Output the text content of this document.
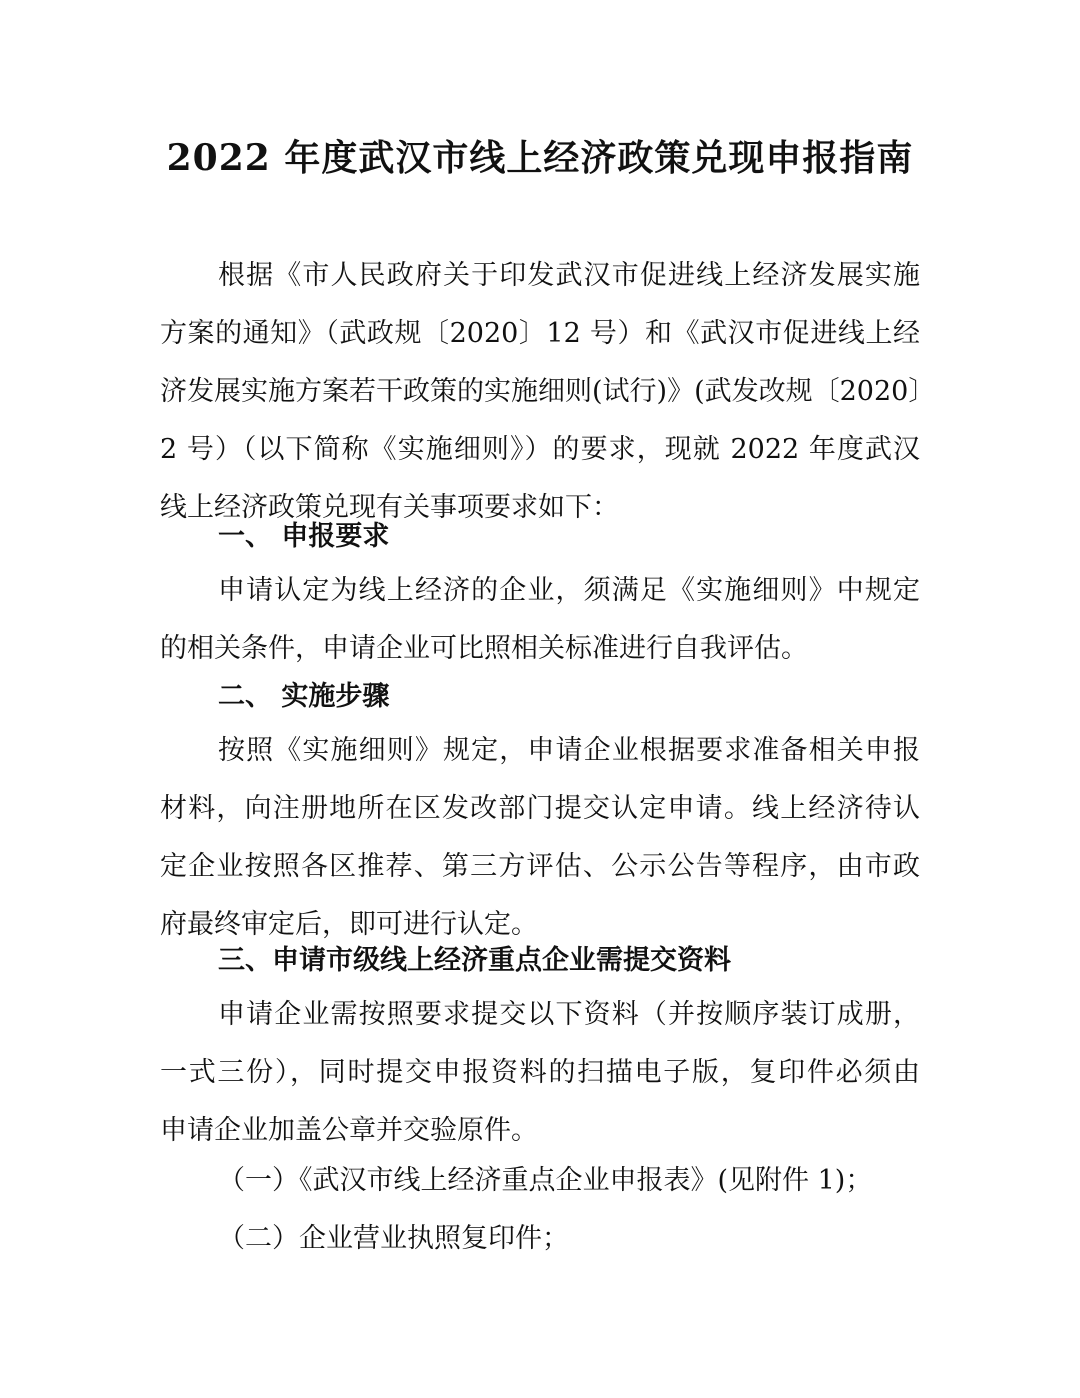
2022 年度武汉市线上经济政策兑现申报指南
根据《市人民政府关于印发武汉市促进线上经济发展实施
方案的通知》（武政规〔2020〕12 号）和《武汉市促进线上经
济发展实施方案若干政策的实施细则(试行)》(武发改规〔2020〕
2 号）（以下简称《实施细则》）的要求，现就 2022 年度武汉
线上经济政策兑现有关事项要求如下：
一、 申报要求
申请认定为线上经济的企业，须满足《实施细则》中规定
的相关条件，申请企业可比照相关标准进行自我评估。
二、 实施步骤
按照《实施细则》规定，申请企业根据要求准备相关申报
材料，向注册地所在区发改部门提交认定申请。线上经济待认
定企业按照各区推荐、第三方评估、公示公告等程序，由市政
府最终审定后，即可进行认定。
三、申请市级线上经济重点企业需提交资料
申请企业需按照要求提交以下资料（并按顺序装订成册，
一式三份），同时提交申报资料的扫描电子版，复印件必须由
申请企业加盖公章并交验原件。
（一）《武汉市线上经济重点企业申报表》(见附件 1)；
（二）企业营业执照复印件；
